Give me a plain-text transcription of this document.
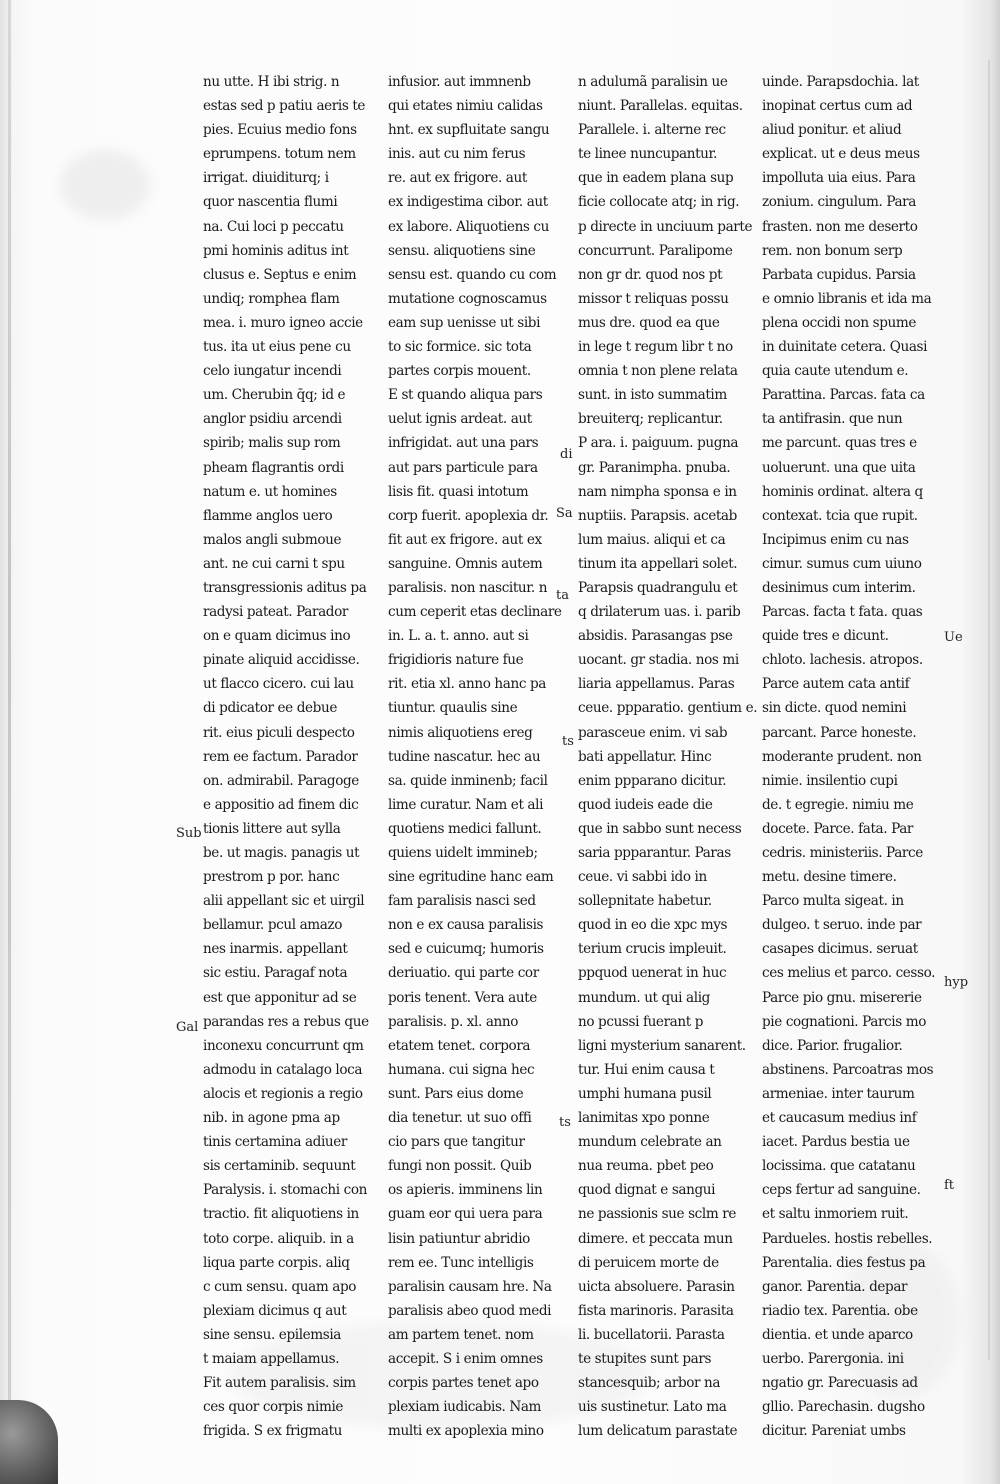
nu utte. H ibi strig. n
estas sed p patiu aeris te
pies. Ecuius medio fons
eprumpens. totum nem
irrigat. diuiditurq; i
quor nascentia flumi
na. Cui loci p peccatu
pmi hominis aditus int
clusus e. Septus e enim
undiq; romphea flam
mea. i. muro igneo accie
tus. ita ut eius pene cu
celo iungatur incendi
um. Cherubin q̄q; id e
anglor psidiu arcendi
spirib; malis sup rom
pheam flagrantis ordi
natum e. ut homines
flamme anglos uero
malos angli submoue
ant. ne cui carni t spu
transgressionis aditus pa
radysi pateat. Parador
on e quam dicimus ino
pinate aliquid accidisse.
ut flacco cicero. cui lau
di pdicator ee debue
rit. eius piculi despecto
rem ee factum. Parador
on. admirabil. Paragoge
e appositio ad finem dic
tionis littere aut sylla
be. ut magis. panagis ut
prestrom p por. hanc
alii appellant sic et uirgil
bellamur. pcul amazo
nes inarmis. appellant
sic estiu. Paragaf nota
est que apponitur ad se
parandas res a rebus que
inconexu concurrunt qm
admodu in catalago loca
alocis et regionis a regio
nib. in agone pma ap
tinis certamina adiuer
sis certaminib. sequunt
Paralysis. i. stomachi con
tractio. fit aliquotiens in
toto corpe. aliquib. in a
liqua parte corpis. aliq
c cum sensu. quam apo
plexiam dicimus q aut
sine sensu. epilemsia
t maiam appellamus.
Fit autem paralisis. sim
ces quor corpis nimie
frigida. S ex frigmatu
infusior. aut immnenb
qui etates nimiu calidas
hnt. ex supfluitate sangu
inis. aut cu nim ferus
re. aut ex frigore. aut
ex indigestima cibor. aut
ex labore. Aliquotiens cu
sensu. aliquotiens sine
sensu est. quando cu com
mutatione cognoscamus
eam sup uenisse ut sibi
to sic formice. sic tota
partes corpis mouent.
E st quando aliqua pars
uelut ignis ardeat. aut
infrigidat. aut una pars
aut pars particule para
lisis fit. quasi intotum
corp fuerit. apoplexia dr.
fit aut ex frigore. aut ex
sanguine. Omnis autem
paralisis. non nascitur. n
cum ceperit etas declinare
in. L. a. t. anno. aut si
frigidioris nature fue
rit. etia xl. anno hanc pa
tiuntur. quaulis sine
nimis aliquotiens ereg
tudine nascatur. hec au
sa. quide inminenb; facil
lime curatur. Nam et ali
quotiens medici fallunt.
quiens uidelt immineb;
sine egritudine hanc eam
fam paralisis nasci sed
non e ex causa paralisis
sed e cuicumq; humoris
deriuatio. qui parte cor
poris tenent. Vera aute
paralisis. p. xl. anno
etatem tenet. corpora
humana. cui signa hec
sunt. Pars eius dome
dia tenetur. ut suo offi
cio pars que tangitur
fungi non possit. Quib
os apieris. imminens lin
guam eor qui uera para
lisin patiuntur abridio
rem ee. Tunc intelligis
paralisin causam hre. Na
paralisis abeo quod medi
am partem tenet. nom
accepit. S i enim omnes
corpis partes tenet apo
plexiam iudicabis. Nam
multi ex apoplexia mino
n adulumã paralisin ue
niunt. Parallelas. equitas.
Parallele. i. alterne rec
te linee nuncupantur.
que in eadem plana sup
ficie collocate atq; in rig.
p directe in unciuum parte
concurrunt. Paralipome
non gr dr. quod nos pt
missor t reliquas possu
mus dre. quod ea que
in lege t regum libr t no
omnia t non plene relata
sunt. in isto summatim
breuiterq; replicantur.
P ara. i. paiguum. pugna
gr. Paranimpha. pnuba.
nam nimpha sponsa e in
nuptiis. Parapsis. acetab
lum maius. aliqui et ca
tinum ita appellari solet.
Parapsis quadrangulu et
q drilaterum uas. i. parib
absidis. Parasangas pse
uocant. gr stadia. nos mi
liaria appellamus. Paras
ceue. ppparatio. gentium e.
parasceue enim. vi sab
bati appellatur. Hinc
enim ppparano dicitur.
quod iudeis eade die
que in sabbo sunt necess
saria ppparantur. Paras
ceue. vi sabbi ido in
sollepnitate habetur.
quod in eo die xpc mys
terium crucis impleuit.
ppquod uenerat in huc
mundum. ut qui alig
no pcussi fuerant p
ligni mysterium sanarent.
tur. Hui enim causa t
umphi humana pusil
lanimitas xpo ponne
mundum celebrate an
nua reuma. pbet peo
quod dignat e sangui
ne passionis sue sclm re
dimere. et peccata mun
di peruicem morte de
uicta absoluere. Parasin
fista marinoris. Parasita
li. bucellatorii. Parasta
te stupites sunt pars
stancesquib; arbor na
uis sustinetur. Lato ma
lum delicatum parastate
uinde. Parapsdochia. lat
inopinat certus cum ad
aliud ponitur. et aliud
explicat. ut e deus meus
impolluta uia eius. Para
zonium. cingulum. Para
frasten. non me deserto
rem. non bonum serp
Parbata cupidus. Parsia
e omnio libranis et ida ma
plena occidi non spume
in duinitate cetera. Quasi
quia caute utendum e.
Parattina. Parcas. fata ca
ta antifrasin. que nun
me parcunt. quas tres e
uoluerunt. una que uita
hominis ordinat. altera q
contexat. tcia que rupit.
Incipimus enim cu nas
cimur. sumus cum uiuno
desinimus cum interim.
Parcas. facta t fata. quas
quide tres e dicunt.
chloto. lachesis. atropos.
Parce autem cata antif
sin dicte. quod nemini
parcant. Parce honeste.
moderante prudent. non
nimie. insilentio cupi
de. t egregie. nimiu me
docete. Parce. fata. Par
cedris. ministeriis. Parce
metu. desine timere.
Parco multa sigeat. in
dulgeo. t seruo. inde par
casapes dicimus. seruat
ces melius et parco. cesso.
Parce pio gnu. misererie
pie cognationi. Parcis mo
dice. Parior. frugalior.
abstinens. Parcoatras mos
armeniae. inter taurum
et caucasum medius inf
iacet. Pardus bestia ue
locissima. que catatanu
ceps fertur ad sanguine.
et saltu inmoriem ruit.
Pardueles. hostis rebelles.
Parentalia. dies festus pa
ganor. Parentia. depar
riadio tex. Parentia. obe
dientia. et unde aparco
uerbo. Parergonia. ini
ngatio gr. Parecuasis ad
gllio. Parechasin. dugsho
dicitur. Pareniat umbs
Sub
Gal
Ue
hyp
ft
Sa
ta
ts
ts
di
